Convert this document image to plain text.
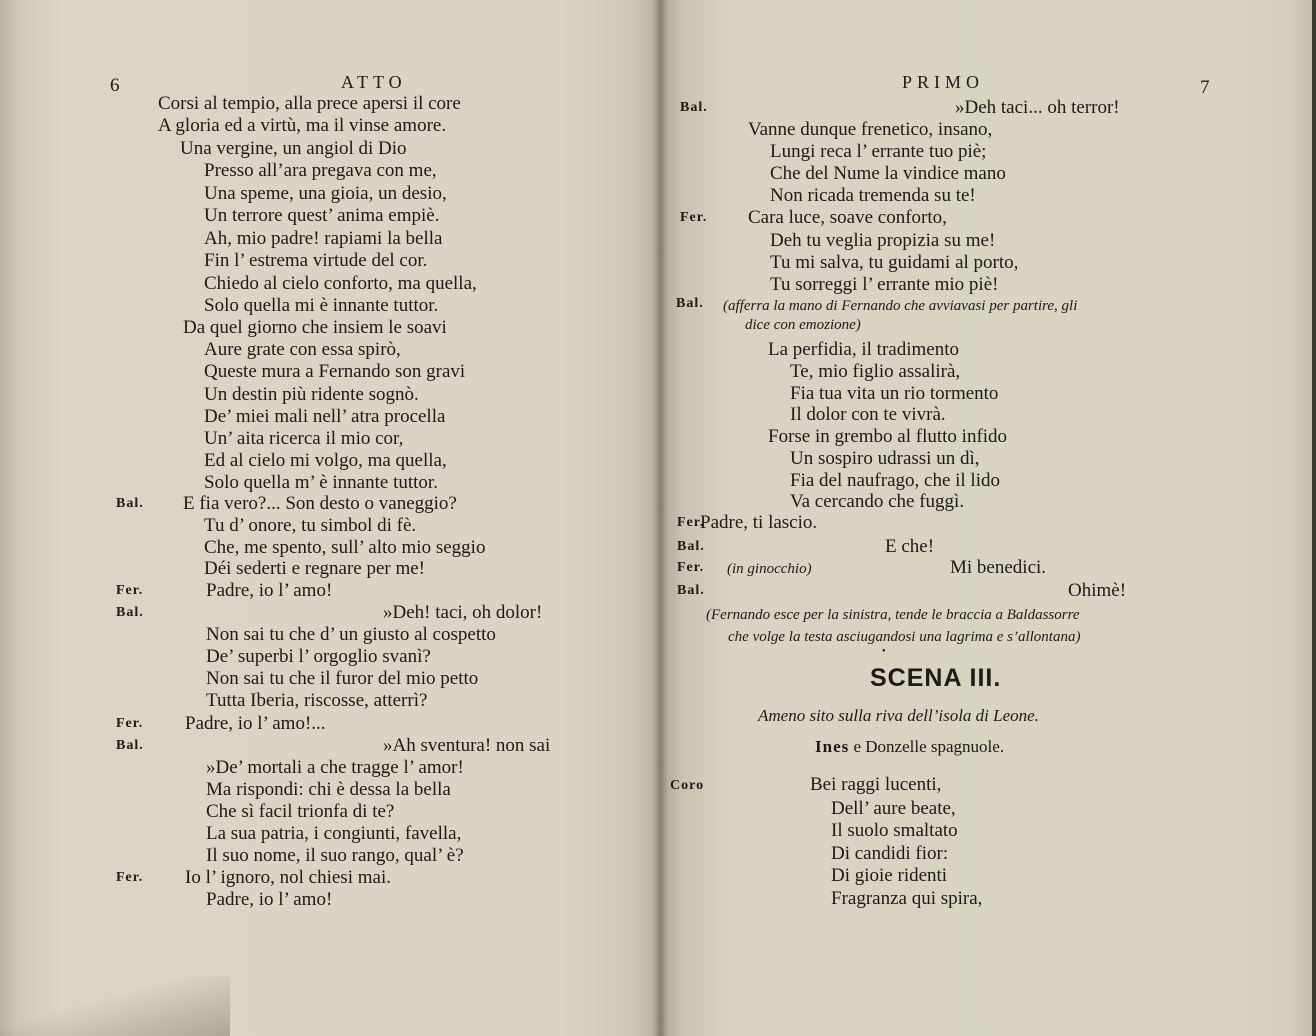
6	ATTO	PRIMO	7
Corsi al tempio, alla prece apersi il core
A gloria ed a virtù, ma il vinse amore.
Una vergine, un angiol di Dio
Presso all’ara pregava con me,
Una speme, una gioia, un desio,
Un terrore quest’ anima empiè.
Ah, mio padre! rapiami la bella
Fin l’ estrema virtude del cor.
Chiedo al cielo conforto, ma quella,
Solo quella mi è innante tuttor.
Da quel giorno che insiem le soavi
Aure grate con essa spirò,
Queste mura a Fernando son gravi
Un destin più ridente sognò.
De’ miei mali nell’ atra procella
Un’ aita ricerca il mio cor,
Ed al cielo mi volgo, ma quella,
Solo quella m’ è innante tuttor.
Bal. E fia vero?... Son desto o vaneggio?
Tu d’ onore, tu simbol di fè.
Che, me spento, sull’ alto mio seggio
Déi sederti e regnare per me!
Fer.	Padre, io l’ amo!
Bal.	»Deh! taci, oh dolor!
Non sai tu che d’ un giusto al cospetto
De’ superbi l’ orgoglio svanì?
Non sai tu che il furor del mio petto
Tutta Iberia, riscosse, atterrì?
Fer. Padre, io l’ amo!...
Bal.	»Ah sventura! non sai
»De’ mortali a che tragge l’ amor!
Ma rispondi: chi è dessa la bella
Che sì facil trionfa di te?
La sua patria, i congiunti, favella,
Il suo nome, il suo rango, qual’ è?
Fer. Io l’ ignoro, nol chiesi mai.
Padre, io l’ amo!
Bal.	»Deh taci... oh terror!
Vanne dunque frenetico, insano,
Lungi reca l’ errante tuo piè;
Che del Nume la vindice mano
Non ricada tremenda su te!
Fer. Cara luce, soave conforto,
Deh tu veglia propizia su me!
Tu mi salva, tu guidami al porto,
Tu sorreggi l’ errante mio piè!
La perfidia, il tradimento
Te, mio figlio assalirà,
Fia tua vita un rio tormento
Il dolor con te vivrà.
Forse in grembo al flutto infido
Un sospiro udrassi un dì,
Fia del naufrago, che il lido
Va cercando che fuggì.
Fer.
Padre, ti lascio.
Bal.	E che!
Fer.	Mi benedici.
Bal.	Ohimè!
Bal. (afferra la mano di Fernando che avviavasi per partire, gli
dice con emozione)
(in ginocchio)
(Fernando esce per la sinistra, tende le braccia a Baldassorre
che volge la testa asciugandosi una lagrima e s’allontana)
●
SCENA III.
Ameno sito sulla riva dell’isola di Leone.
Ines e Donzelle spagnuole.
Coro	Bei raggi lucenti,
Dell’ aure beate,
Il suolo smaltato
Di candidi fior:
Di gioie ridenti
Fragranza qui spira,
